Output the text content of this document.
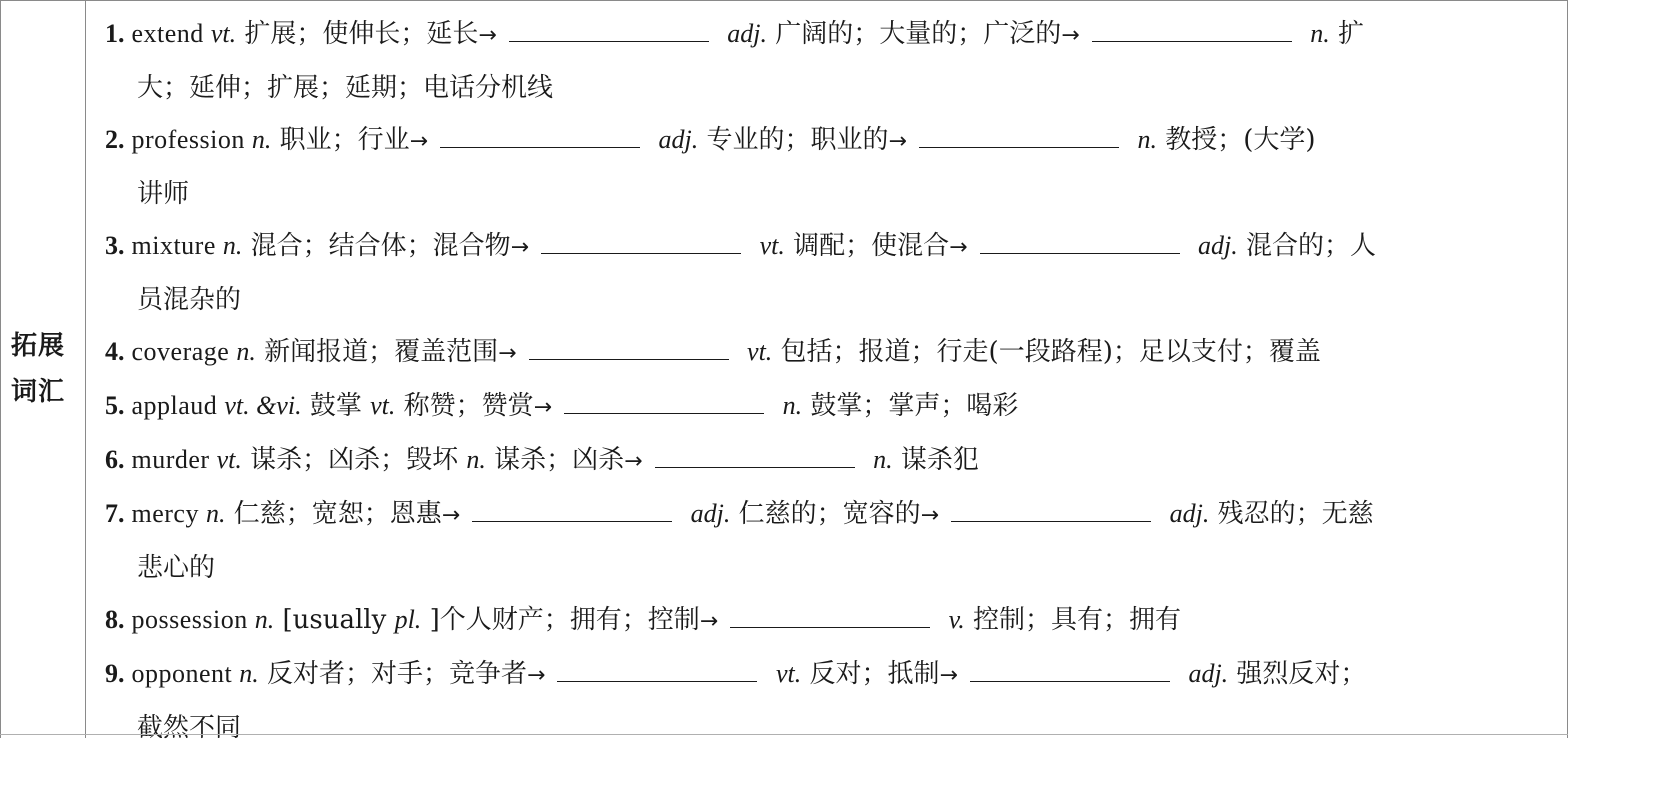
拓展词汇
1. extend vt. 扩展；使伸长；延长→	adj. 广阔的；大量的；广泛的→	n. 扩
大；延伸；扩展；延期；电话分机线
2. profession n. 职业；行业→	adj. 专业的；职业的→	n. 教授；(大学)
讲师
3. mixture n. 混合；结合体；混合物→	vt. 调配；使混合→	adj. 混合的；人
员混杂的
4. coverage n. 新闻报道；覆盖范围→	vt. 包括；报道；行走(一段路程)；足以支付；覆盖
5. applaud vt. &vi. 鼓掌 vt. 称赞；赞赏→	n. 鼓掌；掌声；喝彩
6. murder vt. 谋杀；凶杀；毁坏 n. 谋杀；凶杀→	n. 谋杀犯
7. mercy n. 仁慈；宽恕；恩惠→	adj. 仁慈的；宽容的→	adj. 残忍的；无慈
悲心的
8. possession n. [usually pl. ]个人财产；拥有；控制→	v. 控制；具有；拥有
9. opponent n. 反对者；对手；竞争者→	vt. 反对；抵制→	adj. 强烈反对；
截然不同
